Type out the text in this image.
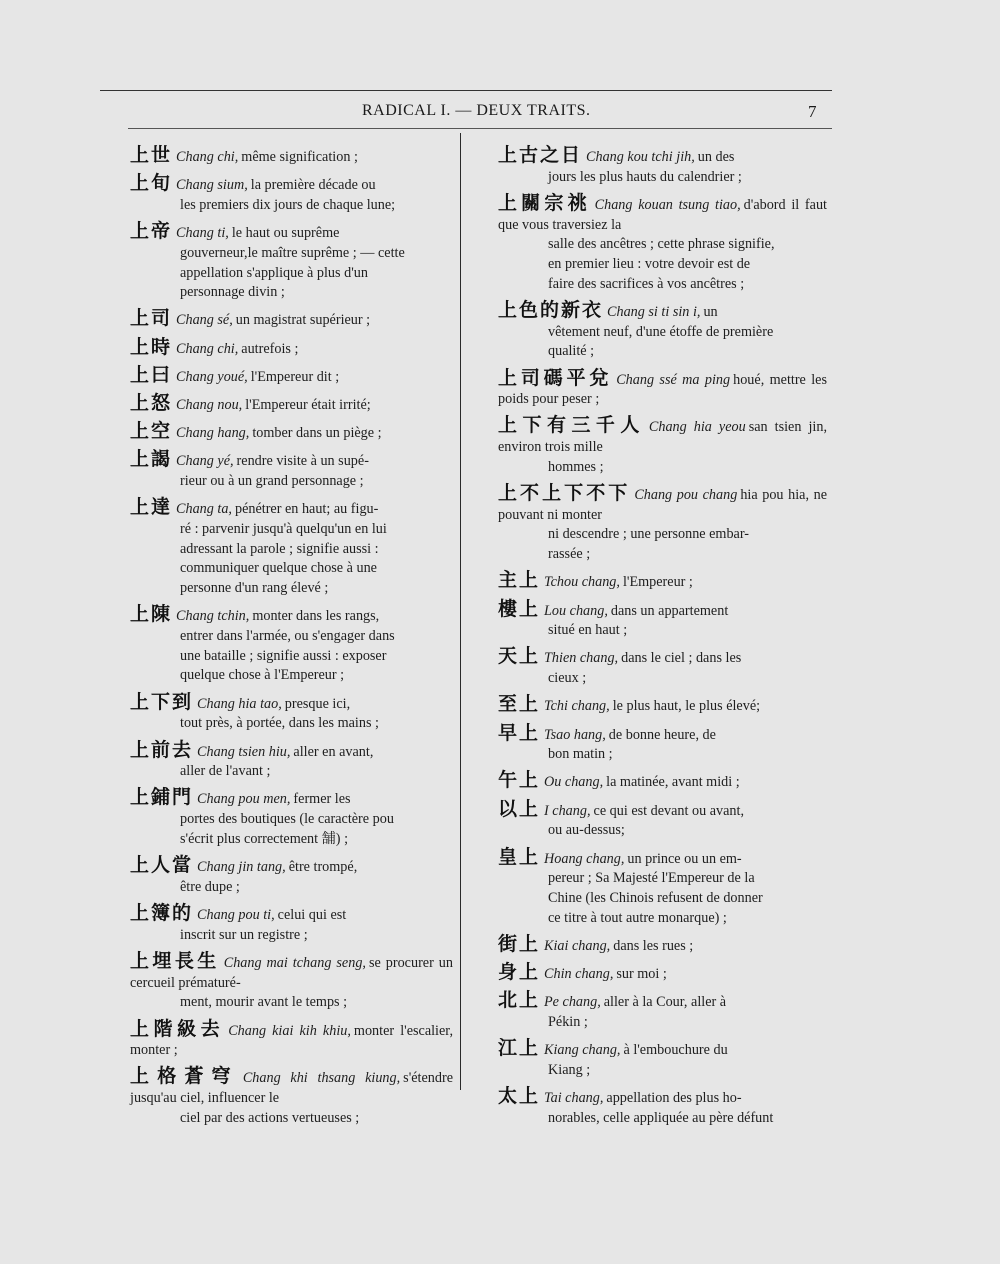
RADICAL I. — DEUX TRAITS.	7
上世 Chang chi, même signification ;
上旬 Chang sium, la première décade ou
les premiers dix jours de chaque lune;
上帝 Chang ti, le haut ou suprême
gouverneur,le maître suprême ; — cette
appellation s'applique à plus d'un
personnage divin ;
上司 Chang sé, un magistrat supérieur ;
上時 Chang chi, autrefois ;
上曰 Chang youé, l'Empereur dit ;
上怒 Chang nou, l'Empereur était irrité;
上空 Chang hang, tomber dans un piège ;
上謁 Chang yé, rendre visite à un supé-
rieur ou à un grand personnage ;
上達 Chang ta, pénétrer en haut; au figu-
ré : parvenir jusqu'à quelqu'un en lui
adressant la parole ; signifie aussi :
communiquer quelque chose à une
personne d'un rang élevé ;
上陳 Chang tchin, monter dans les rangs,
entrer dans l'armée, ou s'engager dans
une bataille ; signifie aussi : exposer
quelque chose à l'Empereur ;
上下到 Chang hia tao, presque ici,
tout près, à portée, dans les mains ;
上前去 Chang tsien hiu, aller en avant,
aller de l'avant ;
上鋪門 Chang pou men, fermer les
portes des boutiques (le caractère pou
s'écrit plus correctement 舗) ;
上人當 Chang jin tang, être trompé,
être dupe ;
上簿的 Chang pou ti, celui qui est
inscrit sur un registre ;
上埋長生 Chang mai tchang seng, se procurer un cercueil prématuré-
ment, mourir avant le temps ;
上階級去 Chang kiai kih khiu, monter l'escalier, monter ;
上格蒼穹 Chang khi thsang kiung, s'étendre jusqu'au ciel, influencer le
ciel par des actions vertueuses ;
上古之日 Chang kou tchi jih, un des
jours les plus hauts du calendrier ;
上關宗祧 Chang kouan tsung tiao, d'abord il faut que vous traversiez la
salle des ancêtres ; cette phrase signifie,
en premier lieu : votre devoir est de
faire des sacrifices à vos ancêtres ;
上色的新衣 Chang si ti sin i, un
vêtement neuf, d'une étoffe de première
qualité ;
上司碼平兌 Chang ssé ma ping houé, mettre les poids pour peser ;
上下有三千人 Chang hia yeou san tsien jin, environ trois mille
hommes ;
上不上下不下 Chang pou chang hia pou hia, ne pouvant ni monter
ni descendre ; une personne embar-
rassée ;
主上 Tchou chang, l'Empereur ;
樓上 Lou chang, dans un appartement
situé en haut ;
天上 Thien chang, dans le ciel ; dans les
cieux ;
至上 Tchi chang, le plus haut, le plus élevé;
早上 Tsao hang, de bonne heure, de
bon matin ;
午上 Ou chang, la matinée, avant midi ;
以上 I chang, ce qui est devant ou avant,
ou au-dessus;
皇上 Hoang chang, un prince ou un em-
pereur ; Sa Majesté l'Empereur de la
Chine (les Chinois refusent de donner
ce titre à tout autre monarque) ;
街上 Kiai chang, dans les rues ;
身上 Chin chang, sur moi ;
北上 Pe chang, aller à la Cour, aller à
Pékin ;
江上 Kiang chang, à l'embouchure du
Kiang ;
太上 Tai chang, appellation des plus ho-
norables, celle appliquée au père défunt
